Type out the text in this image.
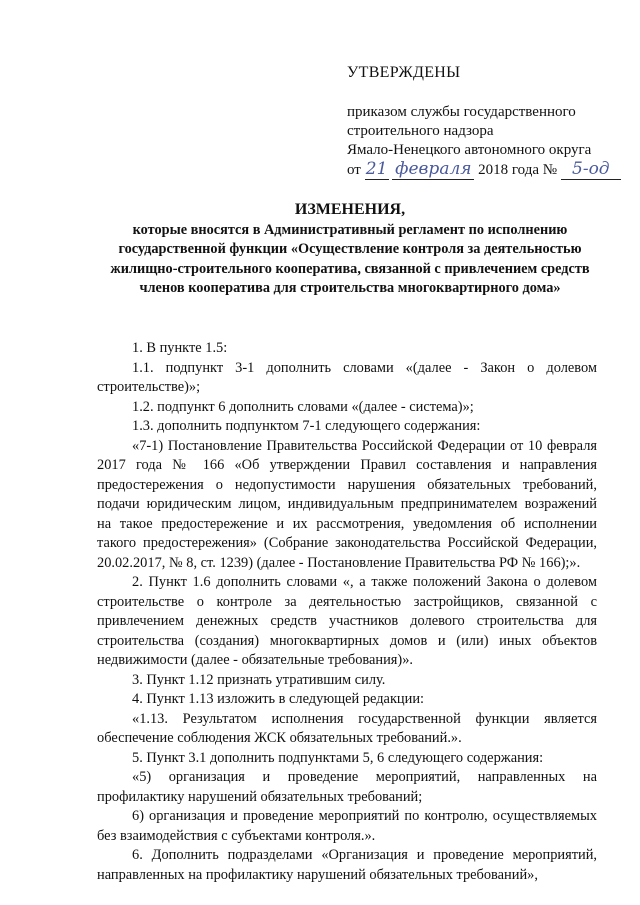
УТВЕРЖДЕНЫ
приказом службы государственного
строительного надзора
Ямало-Ненецкого автономного округа
от 21 февраля 2018 года № 5-од
ИЗМЕНЕНИЯ,
которые вносятся в Административный регламент по исполнению государственной функции «Осуществление контроля за деятельностью жилищно-строительного кооператива, связанной с привлечением средств членов кооператива для строительства многоквартирного дома»

1. В пункте 1.5:

1.1. подпункт 3-1 дополнить словами «(далее - Закон о долевом строительстве)»;

1.2. подпункт 6 дополнить словами «(далее - система)»;

1.3. дополнить подпунктом 7-1 следующего содержания:

«7-1) Постановление Правительства Российской Федерации от 10 февраля 2017 года № 166 «Об утверждении Правил составления и направления предостережения о недопустимости нарушения обязательных требований, подачи юридическим лицом, индивидуальным предпринимателем возражений на такое предостережение и их рассмотрения, уведомления об исполнении такого предостережения» (Собрание законодательства Российской Федерации, 20.02.2017, № 8, ст. 1239) (далее - Постановление Правительства РФ № 166);».

2. Пункт 1.6 дополнить словами «, а также положений Закона о долевом строительстве о контроле за деятельностью застройщиков, связанной с привлечением денежных средств участников долевого строительства для строительства (создания) многоквартирных домов и (или) иных объектов недвижимости (далее - обязательные требования)».

3. Пункт 1.12 признать утратившим силу.

4. Пункт 1.13 изложить в следующей редакции:

«1.13. Результатом исполнения государственной функции является обеспечение соблюдения ЖСК обязательных требований.».

5. Пункт 3.1 дополнить подпунктами 5, 6 следующего содержания:

«5) организация и проведение мероприятий, направленных на профилактику нарушений обязательных требований;

6) организация и проведение мероприятий по контролю, осуществляемых без взаимодействия с субъектами контроля.».

6. Дополнить подразделами «Организация и проведение мероприятий, направленных на профилактику нарушений обязательных требований»,
